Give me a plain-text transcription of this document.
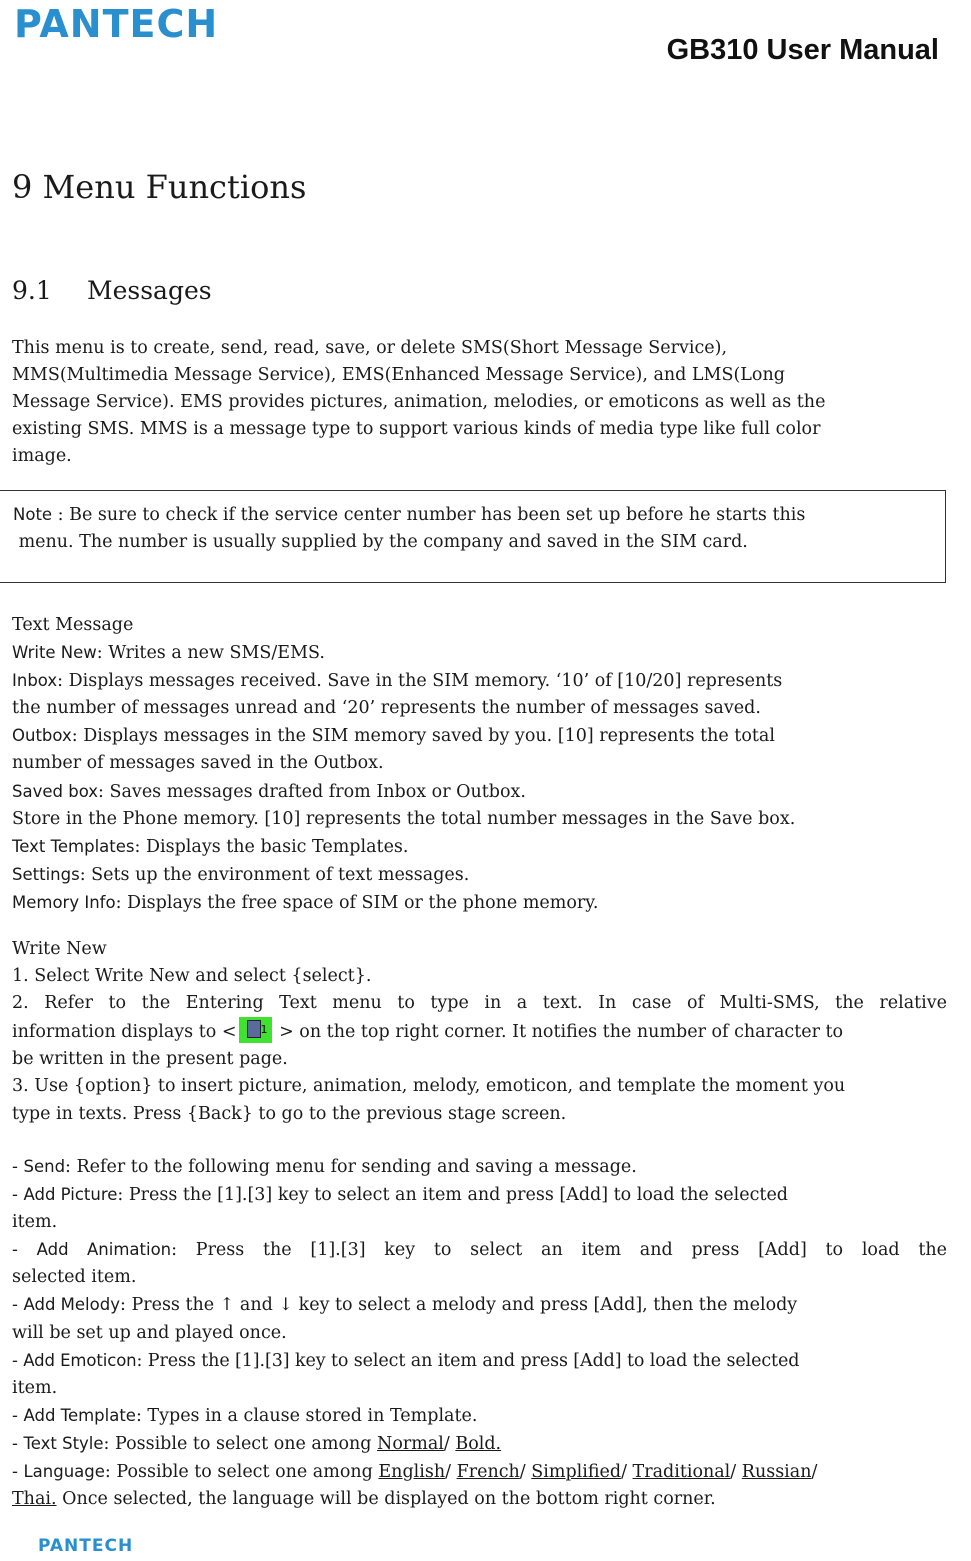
PANTECH
GB310 User Manual
9 Menu Functions
9.1 Messages
This menu is to create, send, read, save, or delete SMS(Short Message Service),
MMS(Multimedia Message Service), EMS(Enhanced Message Service), and LMS(Long
Message Service). EMS provides pictures, animation, melodies, or emoticons as well as the
existing SMS. MMS is a message type to support various kinds of media type like full color
image.
Note : Be sure to check if the service center number has been set up before he starts this
menu. The number is usually supplied by the company and saved in the SIM card.
Text Message
Write New: Writes a new SMS/EMS.
Inbox: Displays messages received. Save in the SIM memory. ‘10’ of [10/20] represents
the number of messages unread and ‘20’ represents the number of messages saved.
Outbox: Displays messages in the SIM memory saved by you. [10] represents the total
number of messages saved in the Outbox.
Saved box: Saves messages drafted from Inbox or Outbox.
Store in the Phone memory. [10] represents the total number messages in the Save box.
Text Templates: Displays the basic Templates.
Settings: Sets up the environment of text messages.
Memory Info: Displays the free space of SIM or the phone memory.
Write New
1. Select Write New and select {select}.
2. Refer to the Entering Text menu to type in a text. In case of Multi-SMS, the relative
information displays to <1 > on the top right corner. It notifies the number of character to
be written in the present page.
3. Use {option} to insert picture, animation, melody, emoticon, and template the moment you
type in texts. Press {Back} to go to the previous stage screen.
- Send: Refer to the following menu for sending and saving a message.
- Add Picture: Press the [1].[3] key to select an item and press [Add] to load the selected
item.
- Add Animation: Press the [1].[3] key to select an item and press [Add] to load the
selected item.
- Add Melody: Press the ↑ and ↓ key to select a melody and press [Add], then the melody
will be set up and played once.
- Add Emoticon: Press the [1].[3] key to select an item and press [Add] to load the selected
item.
- Add Template: Types in a clause stored in Template.
- Text Style: Possible to select one among Normal/ Bold.
- Language: Possible to select one among English/ French/ Simplified/ Traditional/ Russian/
Thai. Once selected, the language will be displayed on the bottom right corner.
PANTECH
